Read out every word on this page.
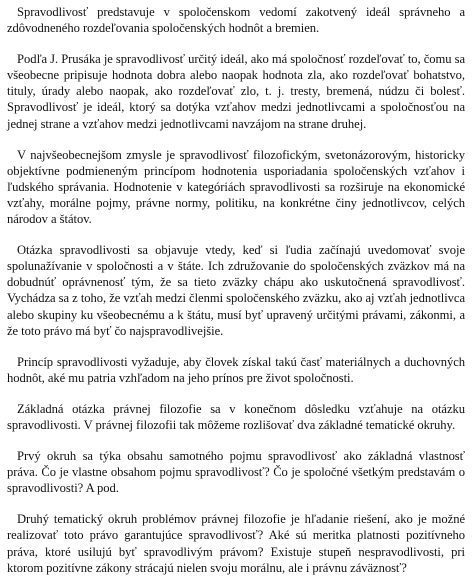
Spravodlivosť predstavuje v spoločenskom vedomí zakotvený ideál správneho a zdôvodneného rozdeľovania spoločenských hodnôt a bremien.

Podľa J. Prusáka je spravodlivosť určitý ideál, ako má spoločnosť rozdeľovať to, čomu sa všeobecne pripisuje hodnota dobra alebo naopak hodnota zla, ako rozdeľovať bohatstvo, tituly, úrady alebo naopak, ako rozdeľovať zlo, t. j. tresty, bremená, núdzu či bolesť. Spravodlivosť je ideál, ktorý sa dotýka vzťahov medzi jednotlivcami a spoločnosťou na jednej strane a vzťahov medzi jednotlivcami navzájom na strane druhej.

V najvšeobecnejšom zmysle je spravodlivosť filozofickým, svetonázorovým, historicky objektívne podmieneným princípom hodnotenia usporiadania spoločenských vzťahov i ľudského správania. Hodnotenie v kategóriách spravodlivosti sa rozširuje na ekonomické vzťahy, morálne pojmy, právne normy, politiku, na konkrétne činy jednotlivcov, celých národov a štátov.

Otázka spravodlivosti sa objavuje vtedy, keď si ľudia začínajú uvedomovať svoje spolunažívanie v spoločnosti a v štáte. Ich združovanie do spoločenských zväzkov má na dobudnúť oprávnenosť tým, že sa tieto zväzky chápu ako uskutočnená spravodlivosť. Vychádza sa z toho, že vzťah medzi členmi spoločenského zväzku, ako aj vzťah jednotlivca alebo skupiny ku všeobecnému a k štátu, musí byť upravený určitými právami, zákonmi, a že toto právo má byť čo najspravodlivejšie.

Princíp spravodlivosti vyžaduje, aby človek získal takú časť materiálnych a duchovných hodnôt, aké mu patria vzhľadom na jeho prínos pre život spoločnosti.

Základná otázka právnej filozofie sa v konečnom dôsledku vzťahuje na otázku spravodlivosti. V právnej filozofii tak môžeme rozlišovať dva základné tematické okruhy.

Prvý okruh sa týka obsahu samotného pojmu spravodlivosť ako základná vlastnosť práva. Čo je vlastne obsahom pojmu spravodlivosť? Čo je spoločné všetkým predstavám o spravodlivosti? A pod.

Druhý tematický okruh problémov právnej filozofie je hľadanie riešení, ako je možné realizovať toto právo garantujúce spravodlivosť? Aké sú meritka platnosti pozitívneho práva, ktoré usilujú byť spravodlivým právom? Existuje stupeň nespravodlivosti, pri ktorom pozitívne zákony strácajú nielen svoju morálnu, ale i právnu záväznosť?
